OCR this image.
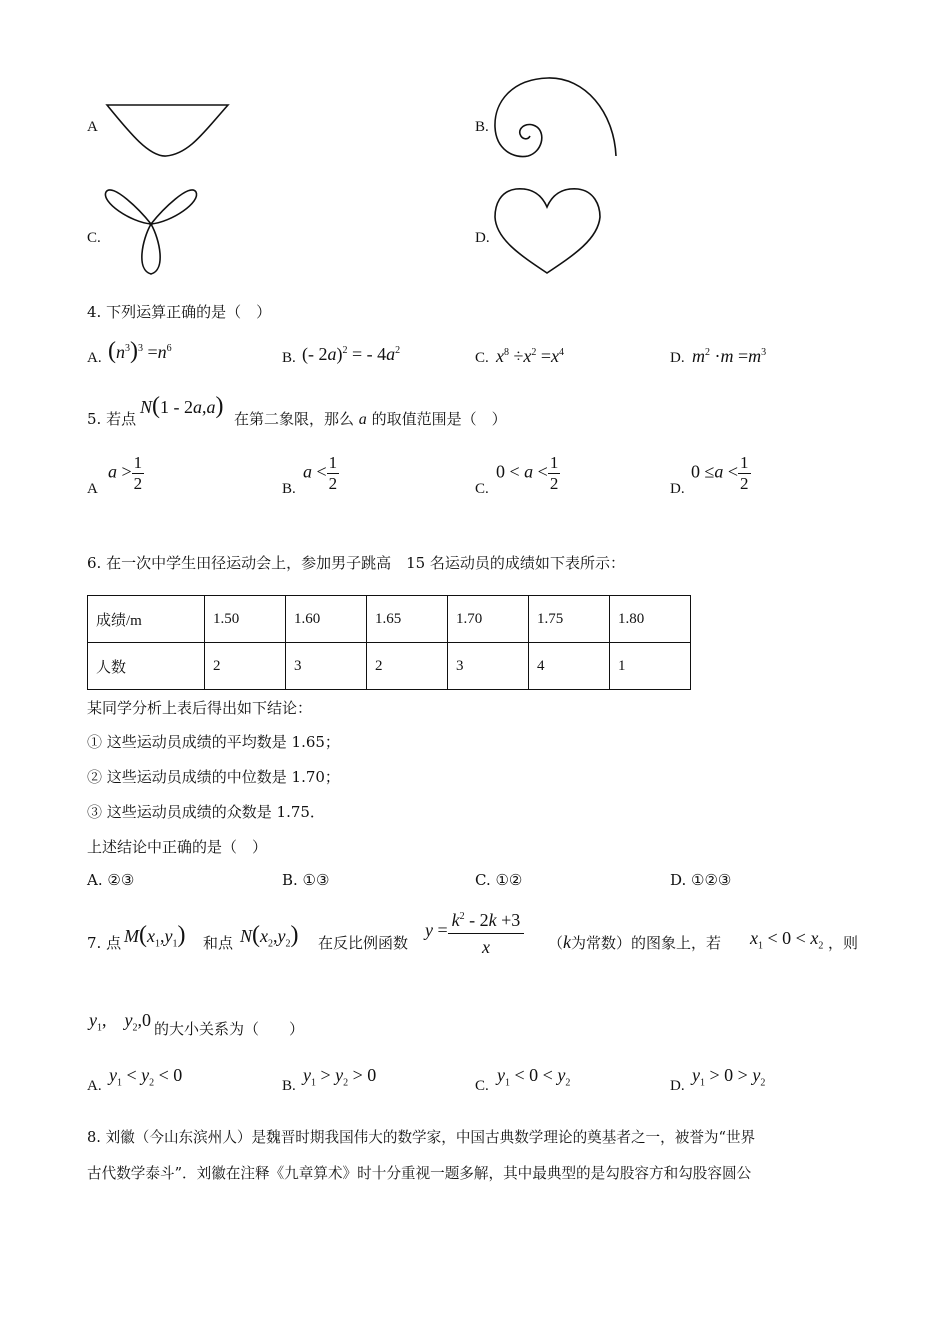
A	B.
C.	D.
4. 下列运算正确的是（　）
A. $(n^3)^3 =n^6$
B. (- 2a)$^2$ = - $4a^2$	C. $x^8 \div x^2 =x^4$	D. $m^2 \cdot m =m^3$
5. 若点
N(1 - 2a,a) 在第二象限，那么 a 的取值范围是（　）
A
$a > \frac{1}{2}$	B.
$a < \frac{1}{2}$	C.
$0 < a < \frac{1}{2}$	D.
$0 \le a < \frac{1}{2}$
6. 在一次中学生田径运动会上，参加男子跳高　15 名运动员的成绩如下表所示：
成绩/m	1.50	1.60	1.65	1.70	1.75	1.80
人数	2	3	2	3	4	1
某同学分析上表后得出如下结论：
① 这些运动员成绩的平均数是 1.65；
② 这些运动员成绩的中位数是 1.70；
③ 这些运动员成绩的众数是 1.75．
上述结论中正确的是（　）
A. ②③	B. ①③	C. ①②	D. ①②③
7. 点 $M(x_1,y_1)$ 和点 $N(x_2,y_2)$ 在反比例函数
$y = \frac{k^2 - 2k +3}{x} (k$为常数）的图象上，若 $x_1 < 0 < x_2$ ，则
$y_1$,　$y_2,0$ 的大小关系为（　　）
A.
$y_1 < y_2 < 0$
B.
$y_1 > y_2 > 0$
C.
$y_1 < 0 < y_2$	D.
$y_1 > 0 > y_2$
8. 刘徽（今山东滨州人）是魏晋时期我国伟大的数学家，中国古典数学理论的奠基者之一，被誉为“世界
古代数学泰斗”．刘徽在注释《九章算术》时十分重视一题多解，其中最典型的是勾股容方和勾股容圆公
